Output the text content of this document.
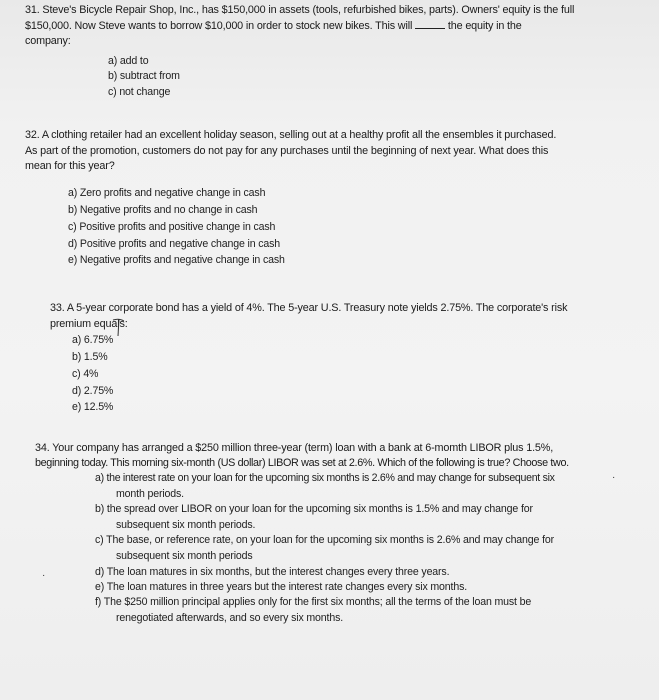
31. Steve's Bicycle Repair Shop, Inc., has $150,000 in assets (tools, refurbished bikes, parts). Owners' equity is the full
$150,000. Now Steve wants to borrow $10,000 in order to stock new bikes. This will	the equity in the
company:
a) add to
b) subtract from
c) not change
32. A clothing retailer had an excellent holiday season, selling out at a healthy profit all the ensembles it purchased.
As part of the promotion, customers do not pay for any purchases until the beginning of next year. What does this
mean for this year?
a) Zero profits and negative change in cash
b) Negative profits and no change in cash
c) Positive profits and positive change in cash
d) Positive profits and negative change in cash
e) Negative profits and negative change in cash
33. A 5-year corporate bond has a yield of 4%. The 5-year U.S. Treasury note yields 2.75%. The corporate's risk
premium equals:
a) 6.75%
b) 1.5%
c) 4%
d) 2.75%
e) 12.5%
34. Your company has arranged a $250 million three-year (term) loan with a bank at 6-momth LIBOR plus 1.5%,
beginning today. This morning six-month (US dollar) LIBOR was set at 2.6%. Which of the following is true? Choose two.
a) the interest rate on your loan for the upcoming six months is 2.6% and may change for subsequent six
month periods.
b) the spread over LIBOR on your loan for the upcoming six months is 1.5% and may change for
subsequent six month periods.
c) The base, or reference rate, on your loan for the upcoming six months is 2.6% and may change for
subsequent six month periods
d) The loan matures in six months, but the interest changes every three years.
e) The loan matures in three years but the interest rate changes every six months.
f) The $250 million principal applies only for the first six months; all the terms of the loan must be
renegotiated afterwards, and so every six months.
·
·
